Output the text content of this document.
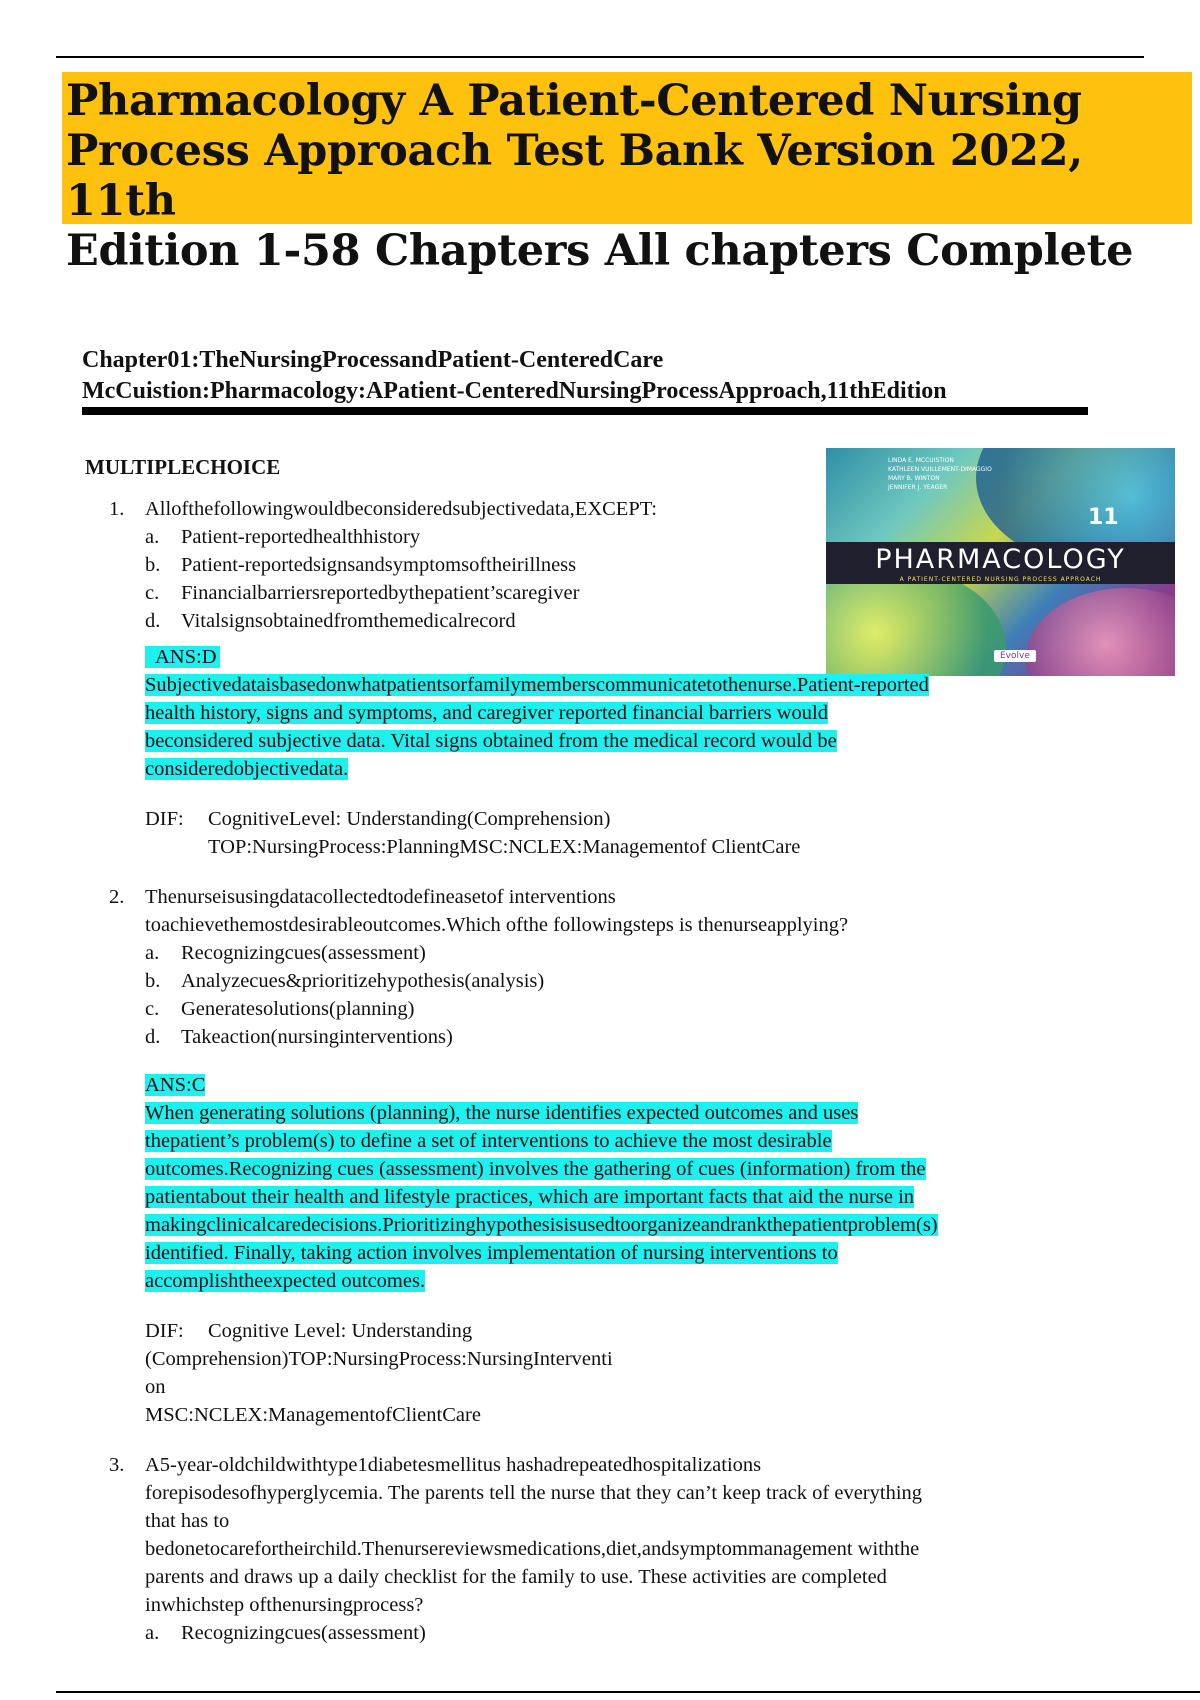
Pharmacology A Patient-Centered Nursing
Process Approach Test Bank Version 2022, 11th
Edition 1-58 Chapters All chapters Complete
Chapter01:TheNursingProcessandPatient-CenteredCare
McCuistion:Pharmacology:APatient-CenteredNursingProcessApproach,11thEdition
LINDA E. MCCUISTION
KATHLEEN VUILLEMENT-DIMAGGIO
MARY B. WINTON
JENNIFER J. YEAGER
11
PHARMACOLOGY
A PATIENT-CENTERED NURSING PROCESS APPROACH
Evolve
MULTIPLECHOICE
1. Allofthefollowingwouldbeconsideredsubjectivedata,EXCEPT:
a. Patient-reportedhealthhistory
b. Patient-reportedsignsandsymptomsoftheirillness
c. Financialbarriersreportedbythepatient’scaregiver
d. Vitalsignsobtainedfromthemedicalrecord
ANS:D
Subjectivedataisbasedonwhatpatientsorfamilymemberscommunicatetothenurse.Patient-reported
health history, signs and symptoms, and caregiver reported financial barriers would
beconsidered subjective data. Vital signs obtained from the medical record would be
consideredobjectivedata.
DIF: CognitiveLevel: Understanding(Comprehension)
TOP:NursingProcess:PlanningMSC:NCLEX:Managementof ClientCare
2. Thenurseisusingdatacollectedtodefineasetof interventions
toachievethemostdesirableoutcomes.Which ofthe followingsteps is thenurseapplying?
a. Recognizingcues(assessment)
b. Analyzecues&prioritizehypothesis(analysis)
c. Generatesolutions(planning)
d. Takeaction(nursinginterventions)
ANS:C
When generating solutions (planning), the nurse identifies expected outcomes and uses
thepatient’s problem(s) to define a set of interventions to achieve the most desirable
outcomes.Recognizing cues (assessment) involves the gathering of cues (information) from the
patientabout their health and lifestyle practices, which are important facts that aid the nurse in
makingclinicalcaredecisions.Prioritizinghypothesisisusedtoorganizeandrankthepatientproblem(s)
identified. Finally, taking action involves implementation of nursing interventions to
accomplishtheexpected outcomes.
DIF: Cognitive Level: Understanding
(Comprehension)TOP:NursingProcess:NursingInterventi
on
MSC:NCLEX:ManagementofClientCare
3. A5-year-oldchildwithtype1diabetesmellitus hashadrepeatedhospitalizations
forepisodesofhyperglycemia. The parents tell the nurse that they can’t keep track of everything
that has to
bedonetocarefortheirchild.Thenursereviewsmedications,diet,andsymptommanagement withthe
parents and draws up a daily checklist for the family to use. These activities are completed
inwhichstep ofthenursingprocess?
a. Recognizingcues(assessment)
